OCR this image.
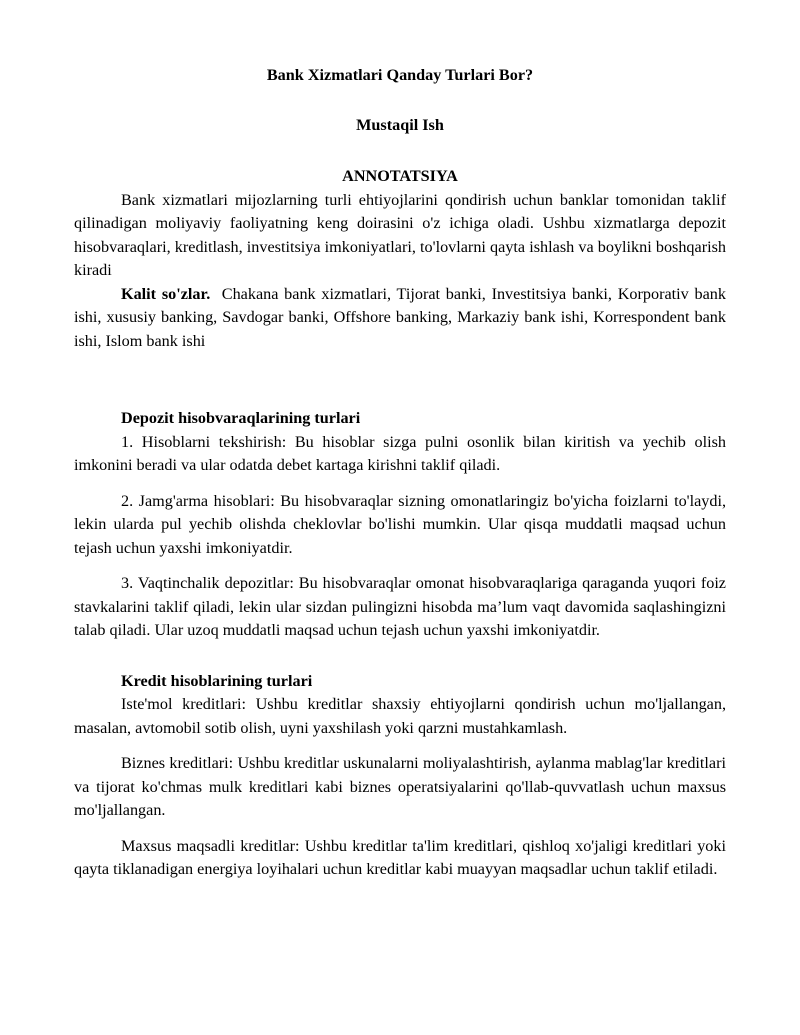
Bank Xizmatlari Qanday Turlari Bor?

Mustaqil Ish

ANNOTATSIYA

Bank xizmatlari mijozlarning turli ehtiyojlarini qondirish uchun banklar tomonidan taklif qilinadigan moliyaviy faoliyatning keng doirasini o'z ichiga oladi. Ushbu xizmatlarga depozit hisobvaraqlari, kreditlash, investitsiya imkoniyatlari, to'lovlarni qayta ishlash va boylikni boshqarish kiradi

Kalit so'zlar. Chakana bank xizmatlari, Tijorat banki, Investitsiya banki, Korporativ bank ishi, xususiy banking, Savdogar banki, Offshore banking, Markaziy bank ishi, Korrespondent bank ishi, Islom bank ishi

Depozit hisobvaraqlarining turlari

1. Hisoblarni tekshirish: Bu hisoblar sizga pulni osonlik bilan kiritish va yechib olish imkonini beradi va ular odatda debet kartaga kirishni taklif qiladi.

2. Jamg'arma hisoblari: Bu hisobvaraqlar sizning omonatlaringiz bo'yicha foizlarni to'laydi, lekin ularda pul yechib olishda cheklovlar bo'lishi mumkin. Ular qisqa muddatli maqsad uchun tejash uchun yaxshi imkoniyatdir.

3. Vaqtinchalik depozitlar: Bu hisobvaraqlar omonat hisobvaraqlariga qaraganda yuqori foiz stavkalarini taklif qiladi, lekin ular sizdan pulingizni hisobda ma’lum vaqt davomida saqlashingizni talab qiladi. Ular uzoq muddatli maqsad uchun tejash uchun yaxshi imkoniyatdir.

Kredit hisoblarining turlari

Iste'mol kreditlari: Ushbu kreditlar shaxsiy ehtiyojlarni qondirish uchun mo'ljallangan, masalan, avtomobil sotib olish, uyni yaxshilash yoki qarzni mustahkamlash.

Biznes kreditlari: Ushbu kreditlar uskunalarni moliyalashtirish, aylanma mablag'lar kreditlari va tijorat ko'chmas mulk kreditlari kabi biznes operatsiyalarini qo'llab-quvvatlash uchun maxsus mo'ljallangan.

Maxsus maqsadli kreditlar: Ushbu kreditlar ta'lim kreditlari, qishloq xo'jaligi kreditlari yoki qayta tiklanadigan energiya loyihalari uchun kreditlar kabi muayyan maqsadlar uchun taklif etiladi.
